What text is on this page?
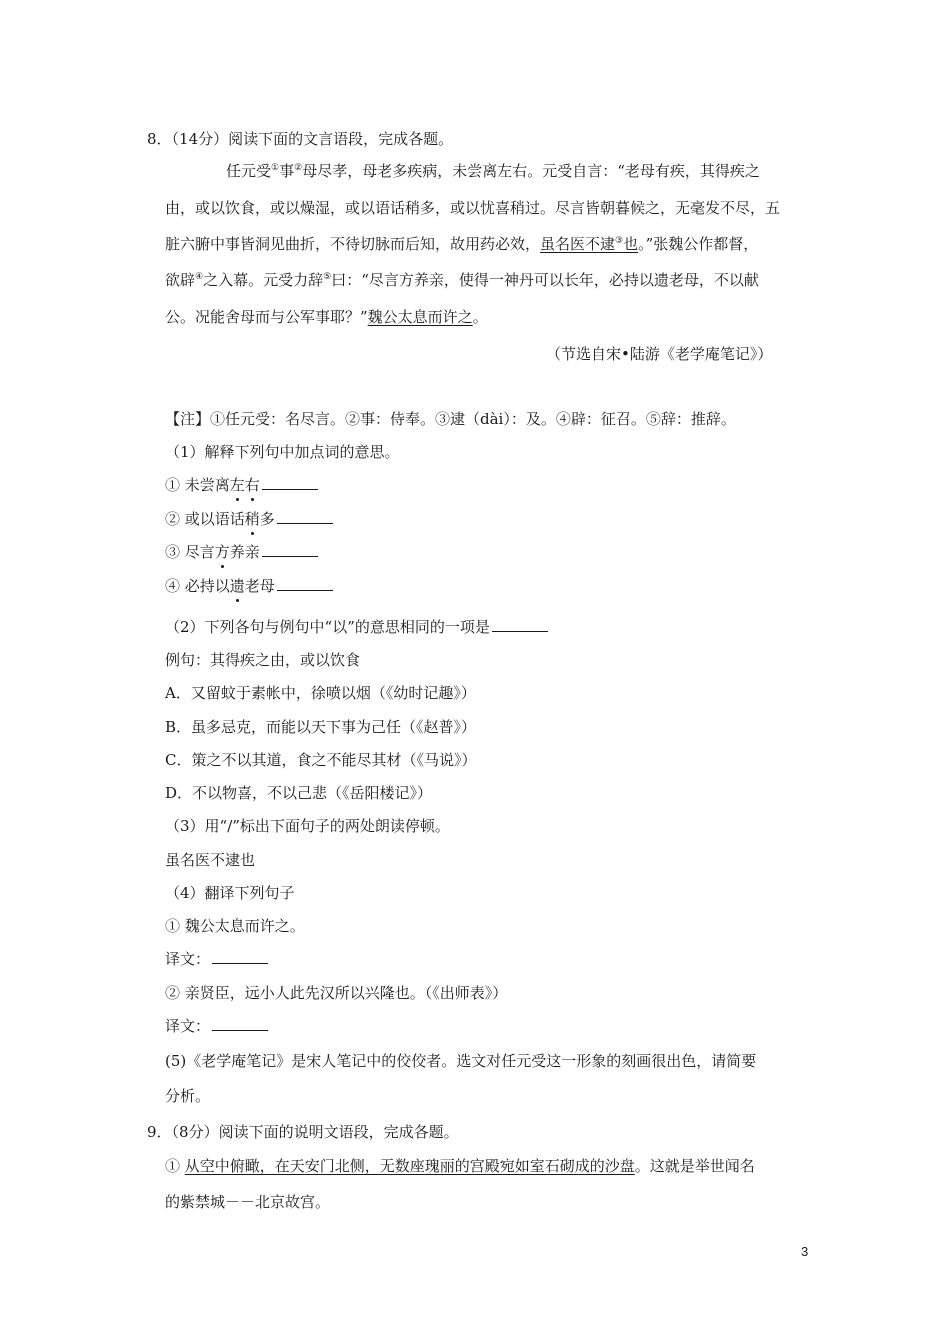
8．（14分）阅读下面的文言语段，完成各题。
任元受①事②母尽孝，母老多疾病，未尝离左右。元受自言：“老母有疾，其得疾之
由，或以饮食，或以燥湿，或以语话稍多，或以忧喜稍过。尽言皆朝暮候之，无毫发不尽，五
脏六腑中事皆洞见曲折，不待切脉而后知，故用药必效，虽名医不逮③也。”张魏公作都督，
欲辟④之入幕。元受力辞⑤曰：“尽言方养亲，使得一神丹可以长年，必持以遗老母，不以献
公。况能舍母而与公军事耶？”魏公太息而许之。
（节选自宋•陆游《老学庵笔记》）
【注】①任元受：名尽言。②事：侍奉。③逮（dài）：及。④辟：征召。⑤辞：推辞。
（1）解释下列句中加点词的意思。
① 未尝离左右
② 或以语话稍多
③ 尽言方养亲
④ 必持以遗老母
（2）下列各句与例句中“以”的意思相同的一项是
例句：其得疾之由，或以饮食
A．又留蚊于素帐中，徐喷以烟（《幼时记趣》）
B．虽多忌克，而能以天下事为己任（《赵普》）
C．策之不以其道，食之不能尽其材（《马说》）
D．不以物喜，不以己悲（《岳阳楼记》）
（3）用“/”标出下面句子的两处朗读停顿。
虽名医不逮也
（4）翻译下列句子
① 魏公太息而许之。
译文：
② 亲贤臣，远小人此先汉所以兴隆也。（《出师表》）
译文：
(5)《老学庵笔记》是宋人笔记中的佼佼者。选文对任元受这一形象的刻画很出色，请简要
分析。
9．（8分）阅读下面的说明文语段，完成各题。
① 从空中俯瞰，在天安门北侧，无数座瑰丽的宫殿宛如室石砌成的沙盘。这就是举世闻名
的紫禁城－－北京故宫。
3
